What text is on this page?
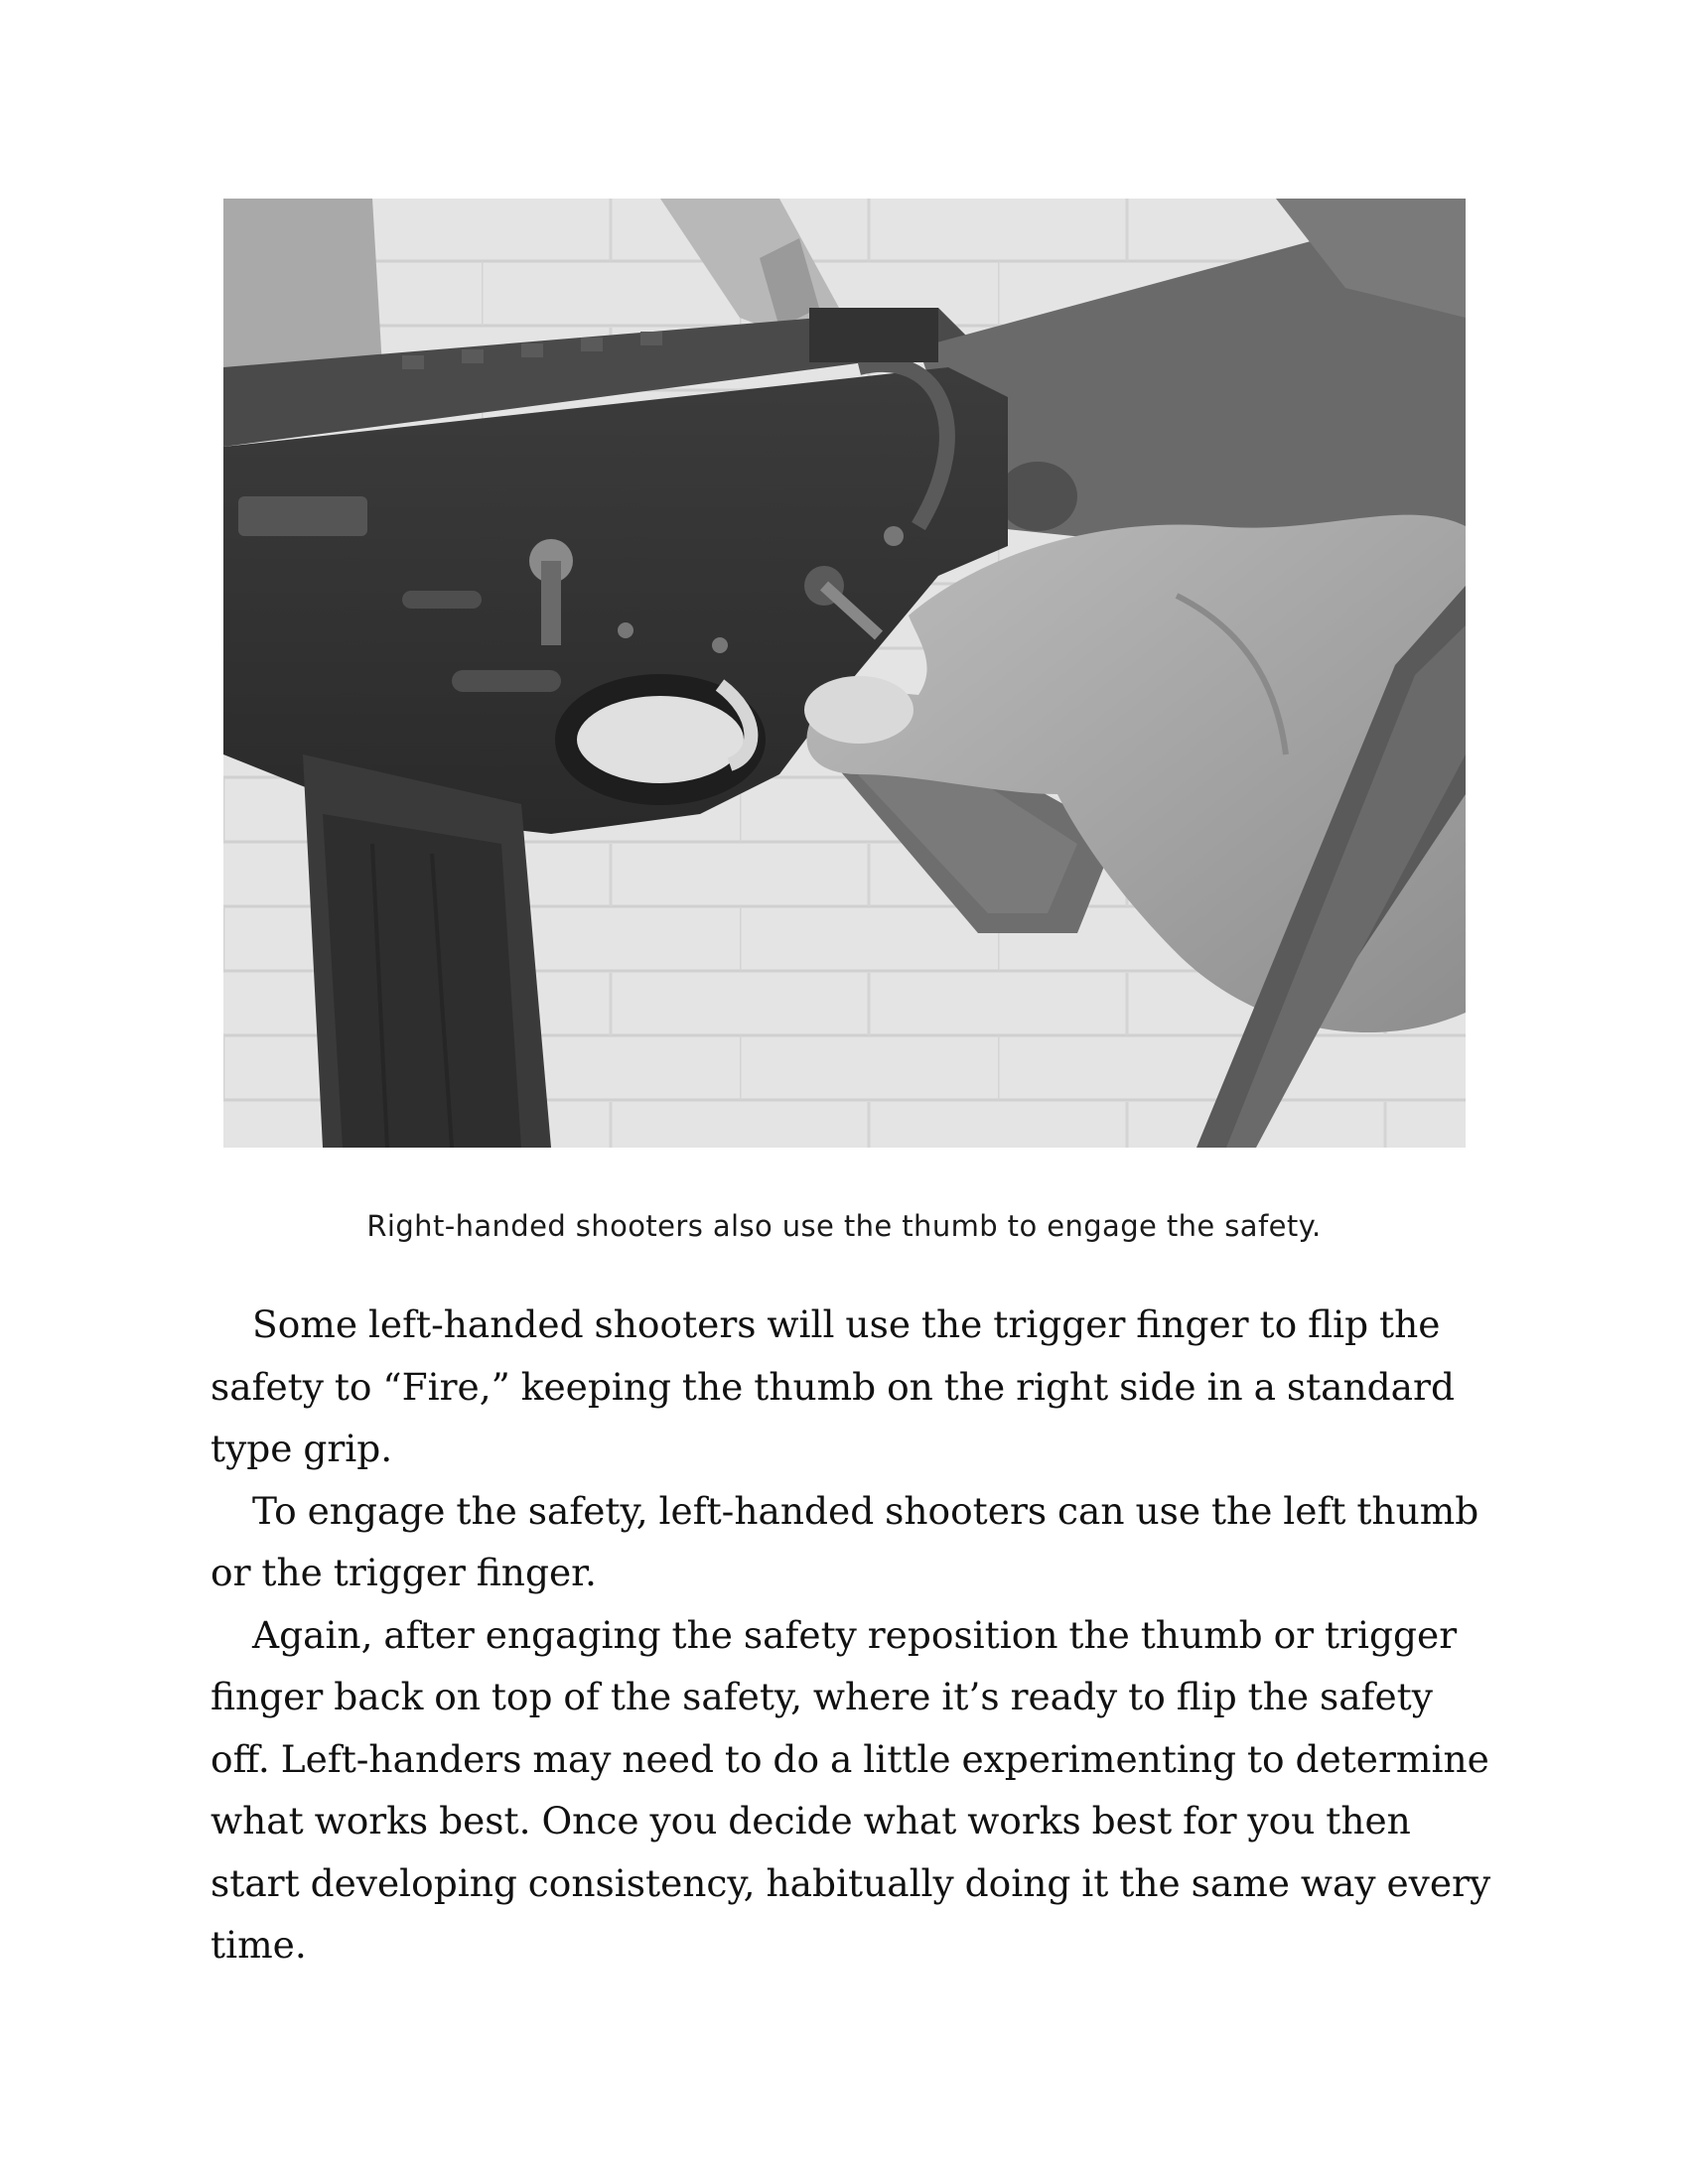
Right-handed shooters also use the thumb to engage the safety.

Some left-handed shooters will use the trigger finger to flip the safety to “Fire,” keeping the thumb on the right side in a standard type grip.

To engage the safety, left-handed shooters can use the left thumb or the trigger finger.

Again, after engaging the safety reposition the thumb or trigger finger back on top of the safety, where it’s ready to flip the safety off. Left-handers may need to do a little experimenting to determine what works best. Once you decide what works best for you then start developing consistency, habitually doing it the same way every time.
